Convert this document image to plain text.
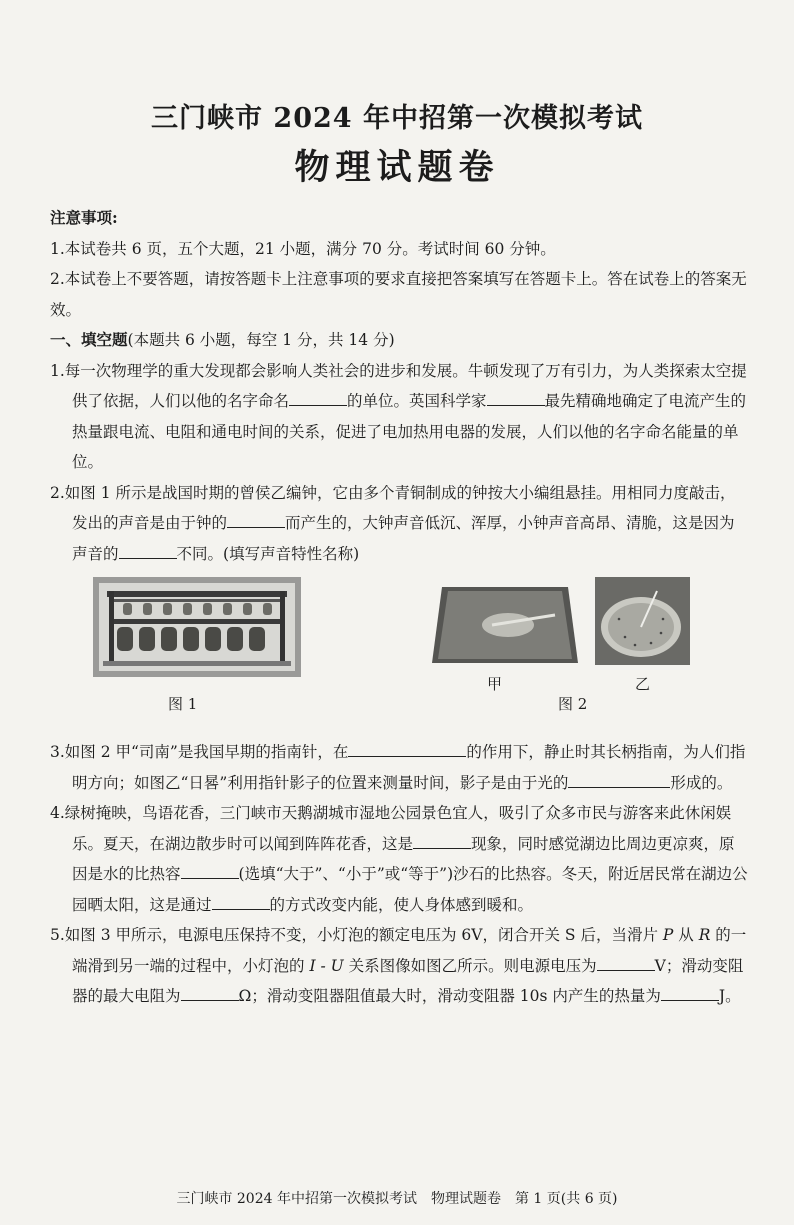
三门峡市 2024 年中招第一次模拟考试
物理试题卷

注意事项:

1.本试卷共 6 页，五个大题，21 小题，满分 70 分。考试时间 60 分钟。

2.本试卷上不要答题，请按答题卡上注意事项的要求直接把答案填写在答题卡上。答在试卷上的答案无效。

一、填空题(本题共 6 小题，每空 1 分，共 14 分)

1.每一次物理学的重大发现都会影响人类社会的进步和发展。牛顿发现了万有引力，为人类探索太空提供了依据，人们以他的名字命名	的单位。英国科学家	最先精确地确定了电流产生的热量跟电流、电阻和通电时间的关系，促进了电加热用电器的发展，人们以他的名字命名能量的单位。

2.如图 1 所示是战国时期的曾侯乙编钟，它由多个青铜制成的钟按大小编组悬挂。用相同力度敲击，发出的声音是由于钟的	而产生的，大钟声音低沉、浑厚，小钟声音高昂、清脆，这是因为声音的	不同。(填写声音特性名称)

图 1
甲	乙
图 2

3.如图 2 甲“司南”是我国早期的指南针，在	的作用下，静止时其长柄指南，为人们指明方向；如图乙“日晷”利用指针影子的位置来测量时间，影子是由于光的	形成的。

4.绿树掩映，鸟语花香，三门峡市天鹅湖城市湿地公园景色宜人，吸引了众多市民与游客来此休闲娱乐。夏天，在湖边散步时可以闻到阵阵花香，这是	现象，同时感觉湖边比周边更凉爽，原因是水的比热容	(选填“大于”、“小于”或“等于”)沙石的比热容。冬天，附近居民常在湖边公园晒太阳，这是通过	的方式改变内能，使人身体感到暖和。

5.如图 3 甲所示，电源电压保持不变，小灯泡的额定电压为 6V，闭合开关 S 后，当滑片 P 从 R 的一端滑到另一端的过程中，小灯泡的 I - U 关系图像如图乙所示。则电源电压为	V；滑动变阻器的最大电阻为	Ω；滑动变阻器阻值最大时，滑动变阻器 10s 内产生的热量为	J。

三门峡市 2024 年中招第一次模拟考试　物理试题卷　第 1 页(共 6 页)
